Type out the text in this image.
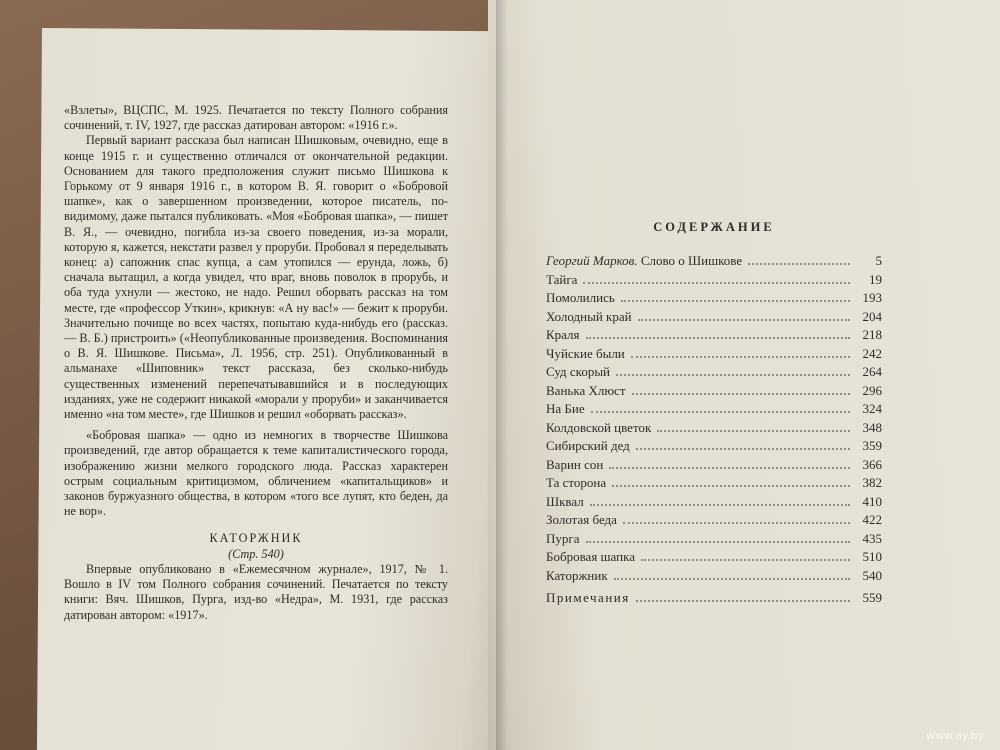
«Взлеты», ВЦСПС, М. 1925. Печатается по тексту Полного собрания сочинений, т. IV, 1927, где рассказ датирован автором: «1916 г.».

Первый вариант рассказа был написан Шишковым, очевидно, еще в конце 1915 г. и существенно отличался от окончательной редакции. Основанием для такого предположения служит письмо Шишкова к Горькому от 9 января 1916 г., в котором В. Я. говорит о «Бобровой шапке», как о завершенном произведении, которое писатель, по-видимому, даже пытался публиковать. «Моя «Бобровая шапка», — пишет В. Я., — очевидно, погибла из-за своего поведения, из-за морали, которую я, кажется, некстати развел у проруби. Пробовал я переделывать конец: а) сапожник спас купца, а сам утопился — ерунда, ложь, б) сначала вытащил, а когда увидел, что враг, вновь поволок в прорубь, и оба туда ухнули — жестоко, не надо. Решил оборвать рассказ на том месте, где «профессор Уткин», крикнув: «А ну вас!» — бежит к проруби. Значительно почище во всех частях, попытаю куда-нибудь его (рассказ. — В. Б.) пристроить» («Неопубликованные произведения. Воспоминания о В. Я. Шишкове. Письма», Л. 1956, стр. 251). Опубликованный в альманахе «Шиповник» текст рассказа, без сколько-нибудь существенных изменений перепечатывавшийся и в последующих изданиях, уже не содержит никакой «морали у проруби» и заканчивается именно «на том месте», где Шишков и решил «оборвать рассказ».

«Бобровая шапка» — одно из немногих в творчестве Шишкова произведений, где автор обращается к теме капиталистического города, изображению жизни мелкого городского люда. Рассказ характерен острым социальным критицизмом, обличением «капитальщиков» и законов буржуазного общества, в котором «того все лупят, кто беден, да не вор».

КАТОРЖНИК

(Стр. 540)

Впервые опубликовано в «Ежемесячном журнале», 1917, № 1. Вошло в IV том Полного собрания сочинений. Печатается по тексту книги: Вяч. Шишков, Пурга, изд-во «Недра», М. 1931, где рассказ датирован автором: «1917».

СОДЕРЖАНИЕ
Георгий Марков. Слово о Шишкове	5
Тайга	19
Помолились	193
Холодный край	204
Краля	218
Чуйские были	242
Суд скорый	264
Ванька Хлюст	296
На Бие	324
Колдовской цветок	348
Сибирский дед	359
Варин сон	366
Та сторона	382
Шквал	410
Золотая беда	422
Пурга	435
Бобровая шапка	510
Каторжник	540
Примечания	559
www.ay.by
